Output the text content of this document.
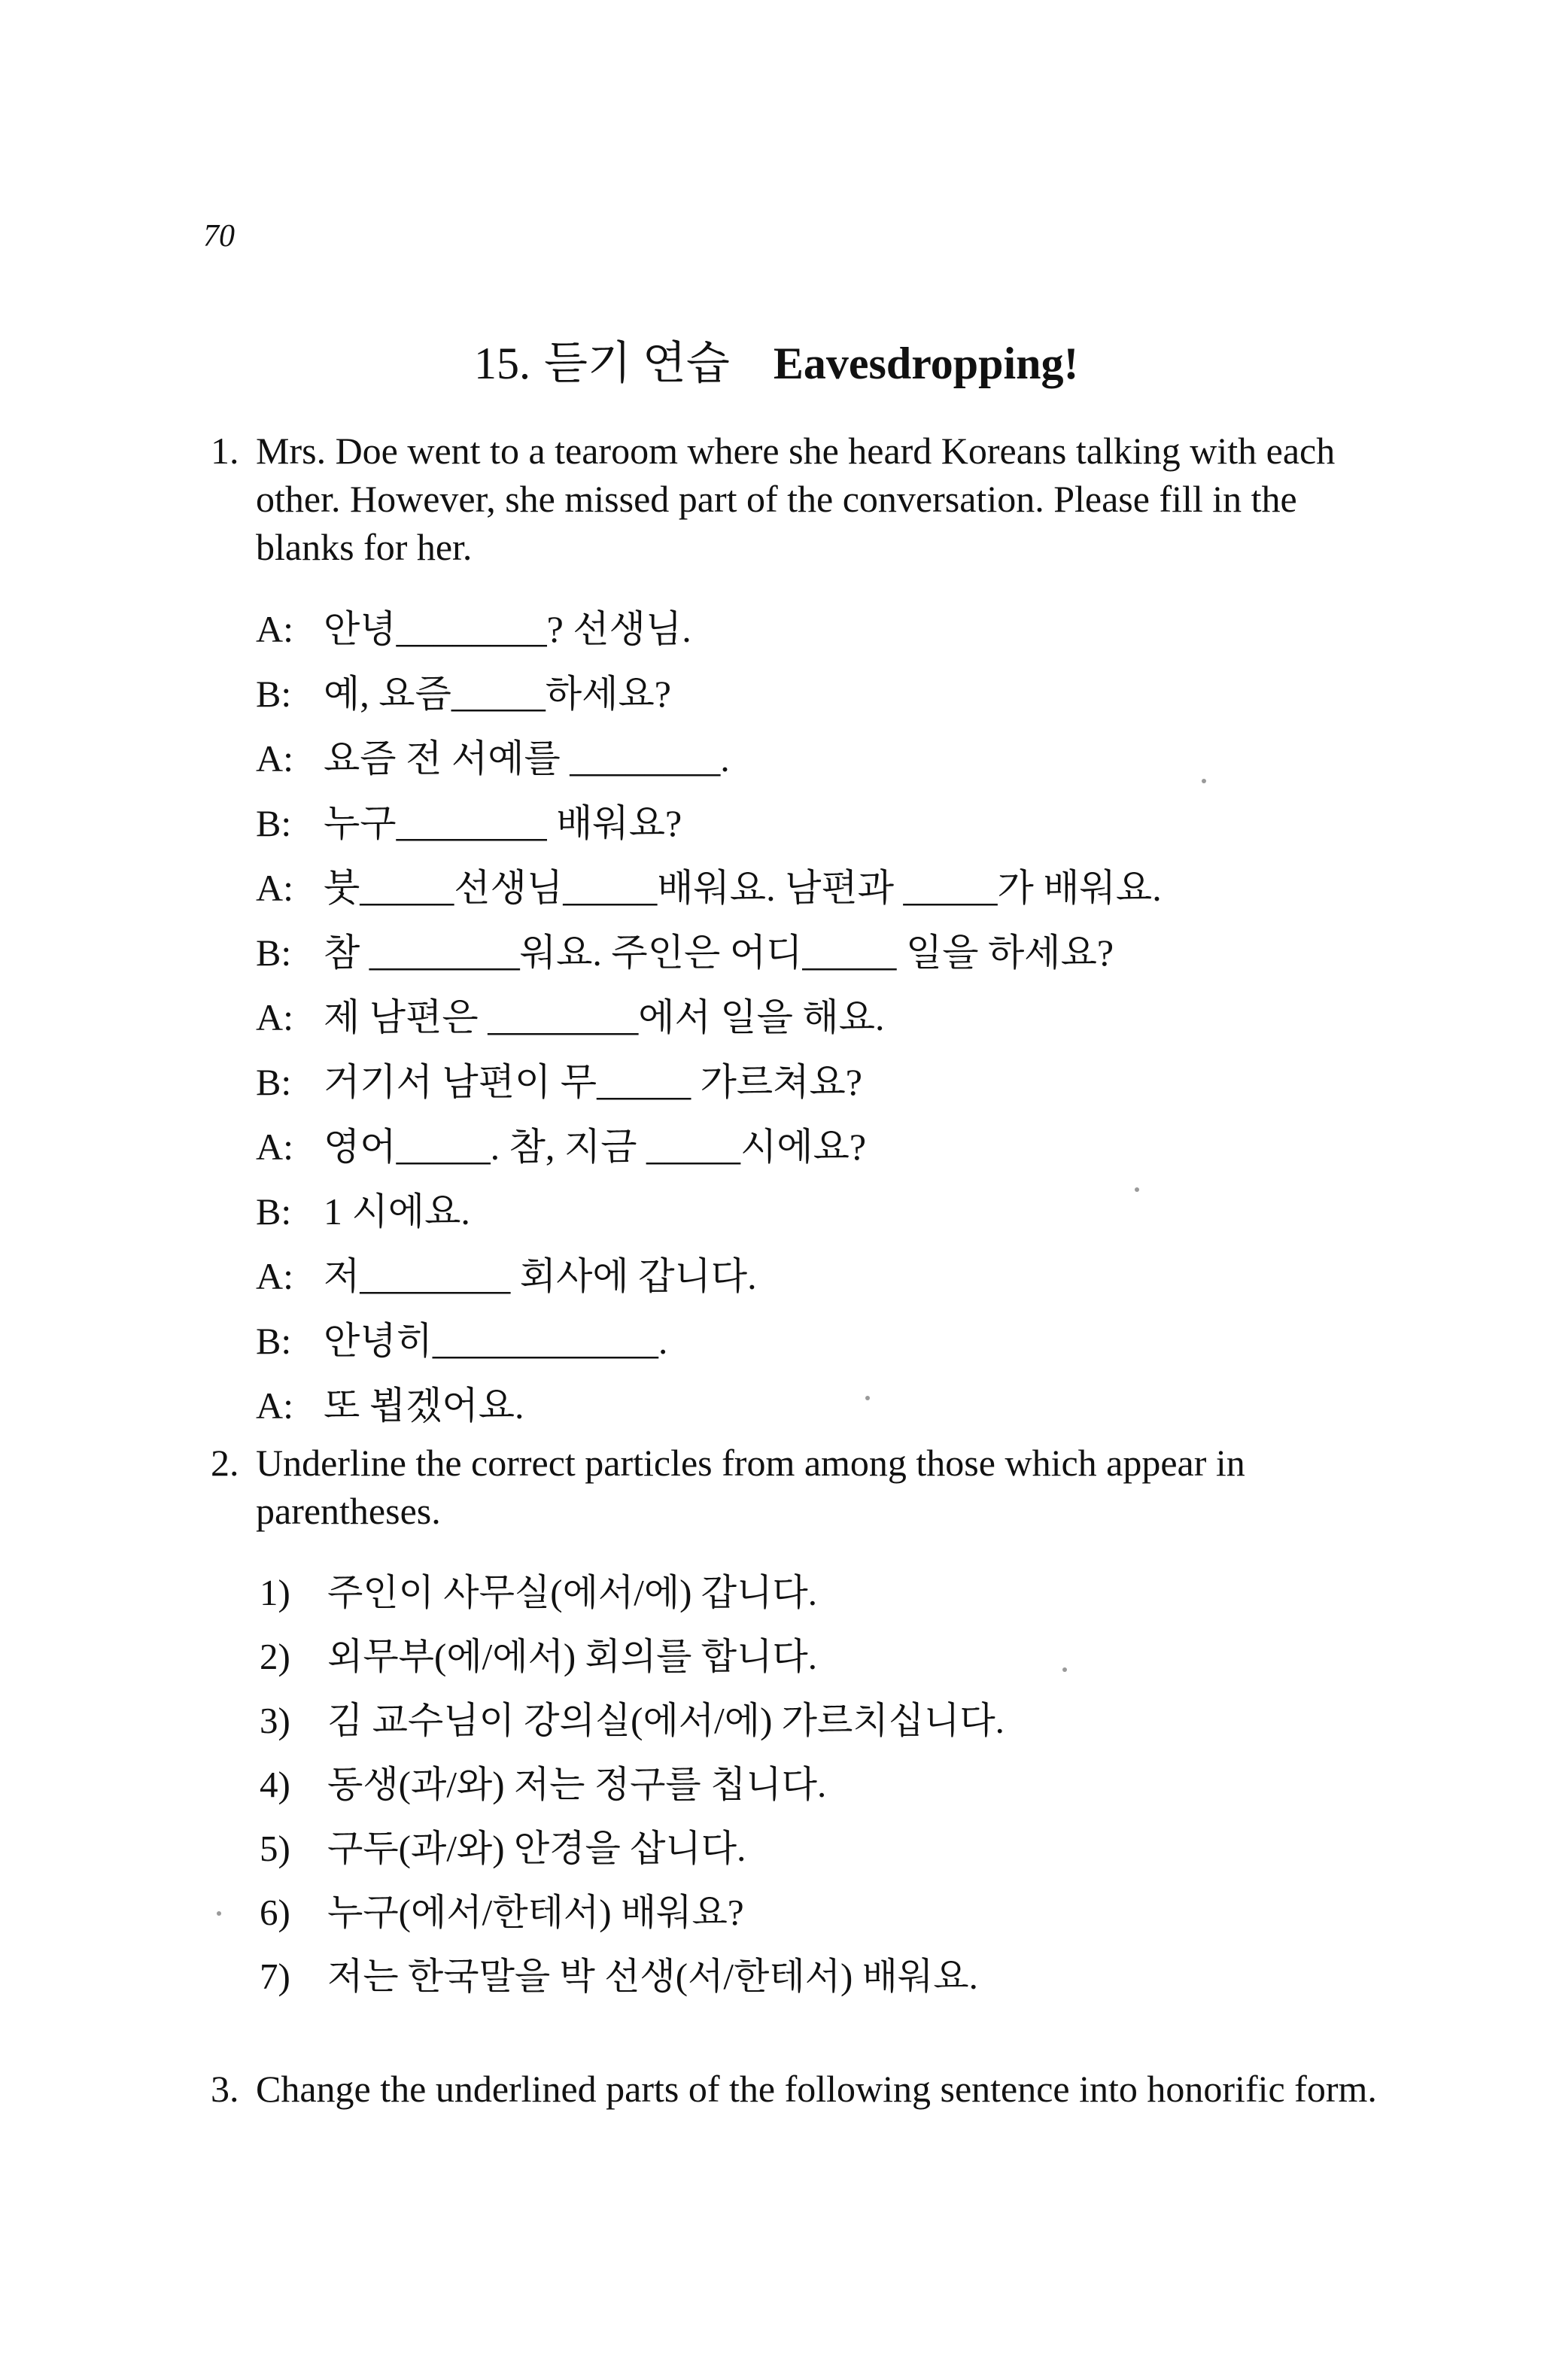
70
15. 듣기 연습 Eavesdropping!
1. Mrs. Doe went to a tearoom where she heard Koreans talking with each other. However, she missed part of the conversation. Please fill in the blanks for her.
A: 안녕________? 선생님.
B: 예, 요즘_____하세요?
A: 요즘 전 서예를 ________.
B: 누구________ 배워요?
A: 붓_____선생님_____배워요. 남편과 _____가 배워요.
B: 참 ________워요. 주인은 어디_____ 일을 하세요?
A: 제 남편은 ________에서 일을 해요.
B: 거기서 남편이 무_____ 가르쳐요?
A: 영어_____. 참, 지금 _____시에요?
B: 1 시에요.
A: 저________ 회사에 갑니다.
B: 안녕히____________.
A: 또 뵙겠어요.
2. Underline the correct particles from among those which appear in parentheses.
1) 주인이 사무실(에서/에) 갑니다.
2) 외무부(에/에서) 회의를 합니다.
3) 김 교수님이 강의실(에서/에) 가르치십니다.
4) 동생(과/와) 저는 정구를 칩니다.
5) 구두(과/와) 안경을 삽니다.
6) 누구(에서/한테서) 배워요?
7) 저는 한국말을 박 선생(서/한테서) 배워요.
3. Change the underlined parts of the following sentence into honorific form.
